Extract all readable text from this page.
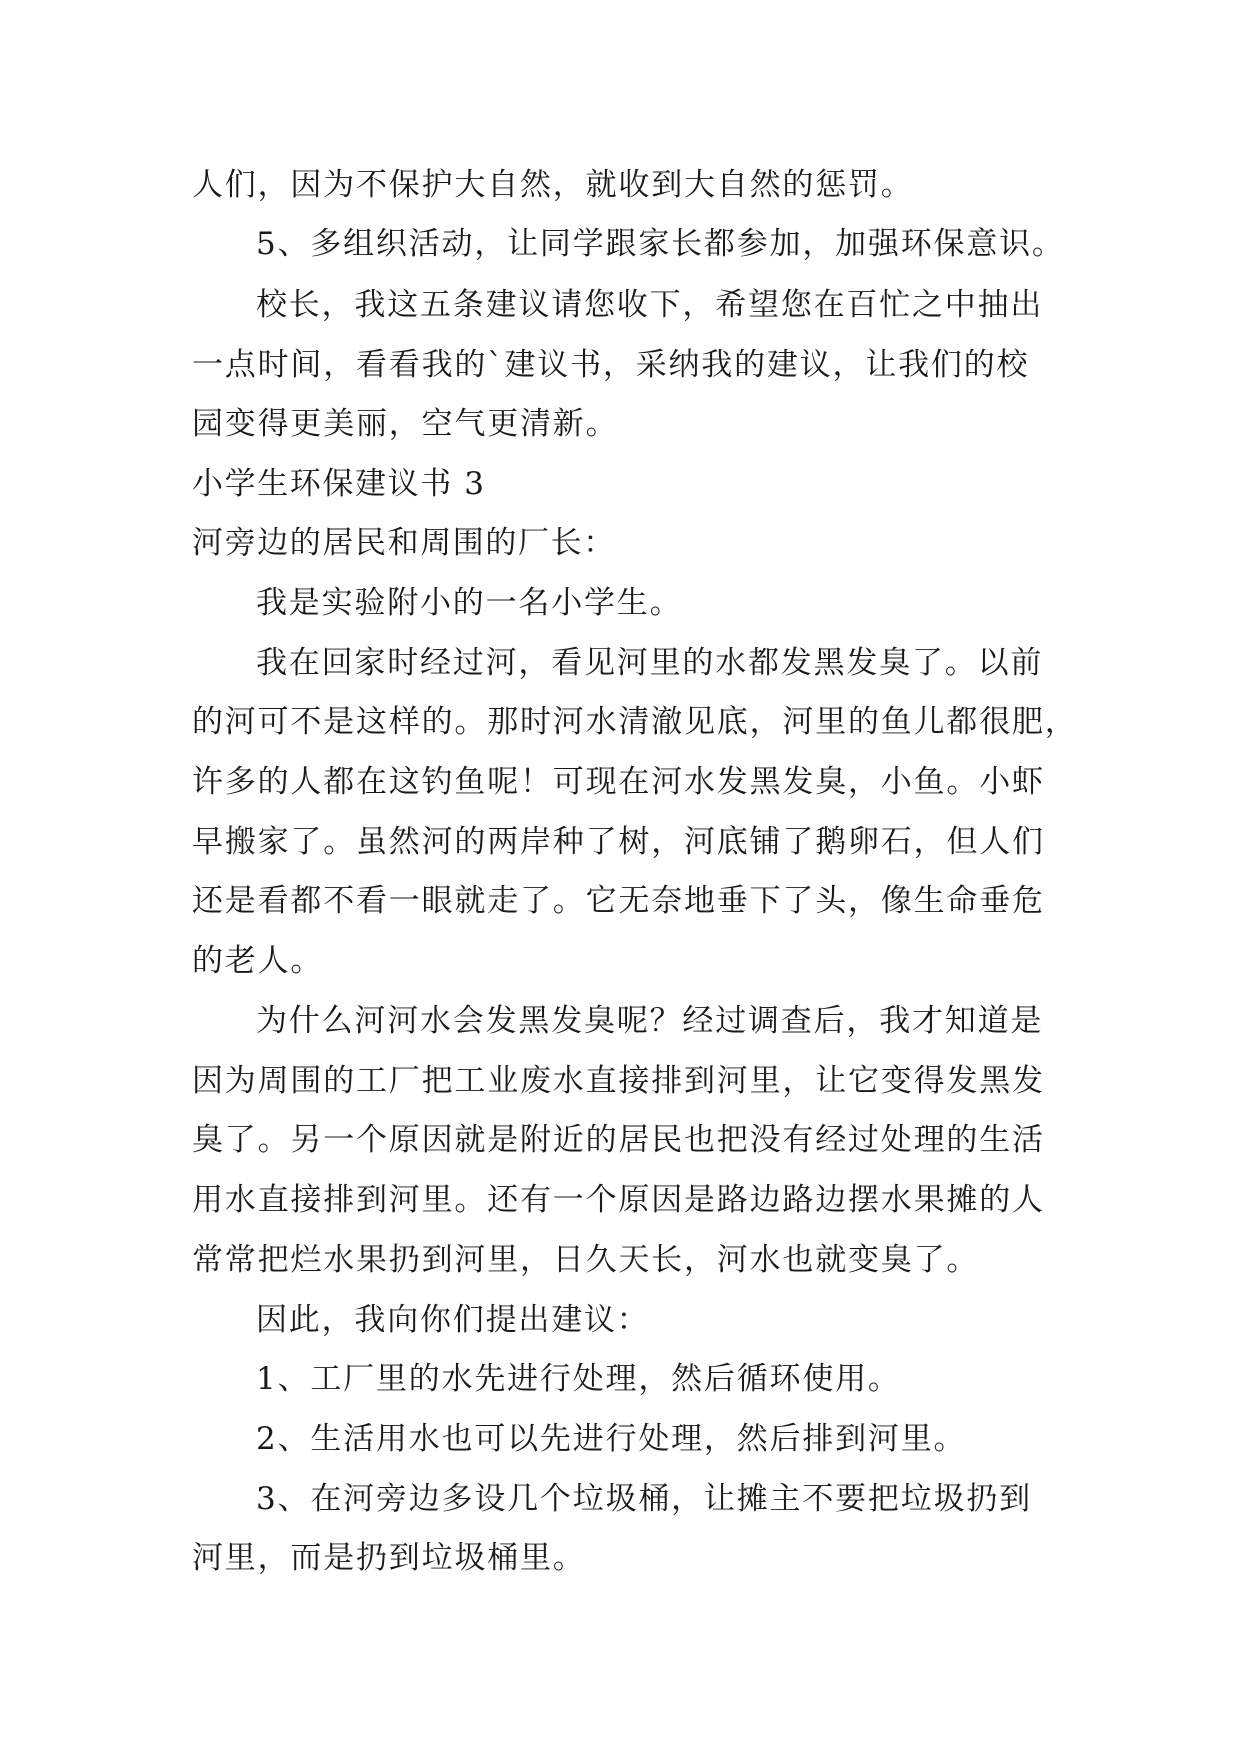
人们，因为不保护大自然，就收到大自然的惩罚。
5、多组织活动，让同学跟家长都参加，加强环保意识。
校长，我这五条建议请您收下，希望您在百忙之中抽出
一点时间，看看我的`建议书，采纳我的建议，让我们的校
园变得更美丽，空气更清新。
小学生环保建议书 3
河旁边的居民和周围的厂长：
我是实验附小的一名小学生。
我在回家时经过河，看见河里的水都发黑发臭了。以前
的河可不是这样的。那时河水清澈见底，河里的鱼儿都很肥，
许多的人都在这钓鱼呢！可现在河水发黑发臭，小鱼。小虾
早搬家了。虽然河的两岸种了树，河底铺了鹅卵石，但人们
还是看都不看一眼就走了。它无奈地垂下了头，像生命垂危
的老人。
为什么河河水会发黑发臭呢？经过调查后，我才知道是
因为周围的工厂把工业废水直接排到河里，让它变得发黑发
臭了。另一个原因就是附近的居民也把没有经过处理的生活
用水直接排到河里。还有一个原因是路边路边摆水果摊的人
常常把烂水果扔到河里，日久天长，河水也就变臭了。
因此，我向你们提出建议：
1、工厂里的水先进行处理，然后循环使用。
2、生活用水也可以先进行处理，然后排到河里。
3、在河旁边多设几个垃圾桶，让摊主不要把垃圾扔到
河里，而是扔到垃圾桶里。
